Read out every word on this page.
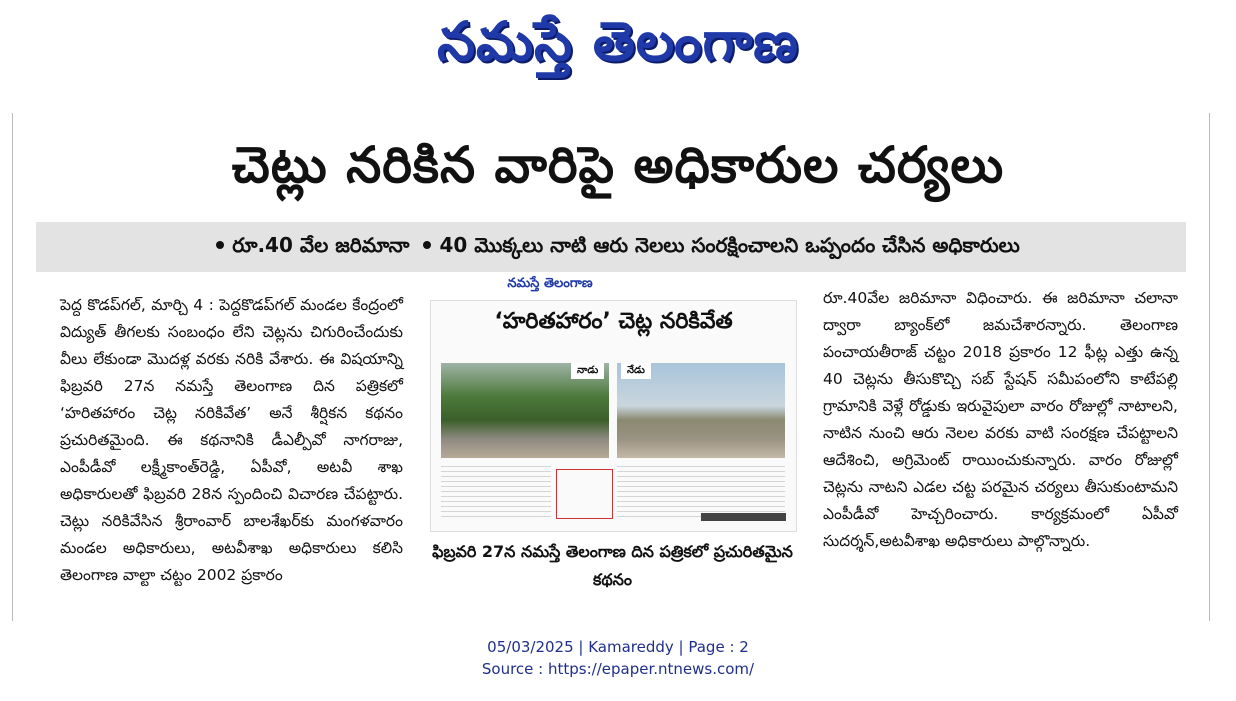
నమస్తే తెలంగాణ
చెట్లు నరికిన వారిపై అధికారుల చర్యలు
రూ.40 వేల జరిమానా 40 మొక్కలు నాటి ఆరు నెలలు సంరక్షించాలని ఒప్పందం చేసిన అధికారులు
నమస్తే తెలంగాణ
పెద్ద కొడప్‌గల్, మార్చి 4 : పెద్దకొడప్‌గల్ మండల కేంద్రంలో విద్యుత్ తీగలకు సంబంధం లేని చెట్లను చిగురించేందుకు వీలు లేకుండా మొదళ్ల వరకు నరికి వేశారు. ఈ విషయాన్ని ఫిబ్రవరి 27న నమస్తే తెలంగాణ దిన పత్రికలో ‘హరితహారం చెట్ల నరికివేత’ అనే శీర్షికన కథనం ప్రచురితమైంది. ఈ కథనానికి డీఎల్పీవో నాగరాజు, ఎంపీడీవో లక్ష్మీకాంత్‌రెడ్డి, ఏపీవో, అటవీ శాఖ అధికారులతో ఫిబ్రవరి 28న స్పందించి విచారణ చేపట్టారు. చెట్లు నరికివేసిన శ్రీరాంవార్ బాలశేఖర్‌కు మంగళవారం మండల అధికారులు, అటవీశాఖ అధికారులు కలిసి తెలంగాణ వాల్టా చట్టం 2002 ప్రకారం
‘హరితహారం’ చెట్ల నరికివేత
నాడు	నేడు
ఫిబ్రవరి 27న నమస్తే తెలంగాణ దిన పత్రికలో ప్రచురితమైన కథనం
రూ.40వేల జరిమానా విధించారు. ఈ జరిమానా చలానా ద్వారా బ్యాంక్‌లో జమచేశారన్నారు. తెలంగాణ పంచాయతీరాజ్ చట్టం 2018 ప్రకారం 12 ఫీట్ల ఎత్తు ఉన్న 40 చెట్లను తీసుకొచ్చి సబ్ స్టేషన్ సమీపంలోని కాటేపల్లి గ్రామానికి వెళ్లే రోడ్డుకు ఇరువైపులా వారం రోజుల్లో నాటాలని, నాటిన నుంచి ఆరు నెలల వరకు వాటి సంరక్షణ చేపట్టాలని ఆదేశించి, అగ్రిమెంట్ రాయించుకున్నారు. వారం రోజుల్లో చెట్లను నాటని ఎడల చట్ట పరమైన చర్యలు తీసుకుంటామని ఎంపీడీవో హెచ్చరించారు. కార్యక్రమంలో ఏపీవో సుదర్శన్,అటవీశాఖ అధికారులు పాల్గొన్నారు.
05/03/2025 | Kamareddy | Page : 2
Source : https://epaper.ntnews.com/
